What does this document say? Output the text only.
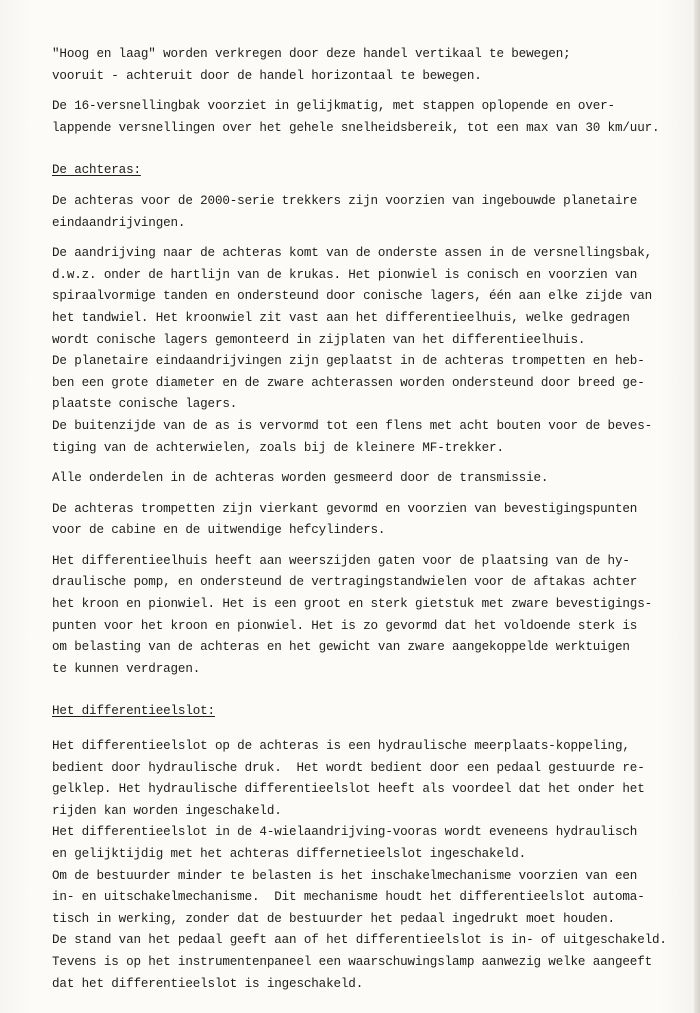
"Hoog en laag" worden verkregen door deze handel vertikaal te bewegen;
vooruit - achteruit door de handel horizontaal te bewegen.

De 16-versnellingbak voorziet in gelijkmatig, met stappen oplopende en over-
lappende versnellingen over het gehele snelheidsbereik, tot een max van 30 km/uur.

De achteras:

De achteras voor de 2000-serie trekkers zijn voorzien van ingebouwde planetaire
eindaandrijvingen.

De aandrijving naar de achteras komt van de onderste assen in de versnellingsbak,
d.w.z. onder de hartlijn van de krukas. Het pionwiel is conisch en voorzien van
spiraalvormige tanden en ondersteund door conische lagers, één aan elke zijde van
het tandwiel. Het kroonwiel zit vast aan het differentieelhuis, welke gedragen
wordt conische lagers gemonteerd in zijplaten van het differentieelhuis.
De planetaire eindaandrijvingen zijn geplaatst in de achteras trompetten en heb-
ben een grote diameter en de zware achterassen worden ondersteund door breed ge-
plaatste conische lagers.
De buitenzijde van de as is vervormd tot een flens met acht bouten voor de beves-
tiging van de achterwielen, zoals bij de kleinere MF-trekker.

Alle onderdelen in de achteras worden gesmeerd door de transmissie.

De achteras trompetten zijn vierkant gevormd en voorzien van bevestigingspunten
voor de cabine en de uitwendige hefcylinders.

Het differentieelhuis heeft aan weerszijden gaten voor de plaatsing van de hy-
draulische pomp, en ondersteund de vertragingstandwielen voor de aftakas achter
het kroon en pionwiel. Het is een groot en sterk gietstuk met zware bevestigings-
punten voor het kroon en pionwiel. Het is zo gevormd dat het voldoende sterk is
om belasting van de achteras en het gewicht van zware aangekoppelde werktuigen
te kunnen verdragen.

Het differentieelslot:

Het differentieelslot op de achteras is een hydraulische meerplaats-koppeling,
bedient door hydraulische druk.  Het wordt bedient door een pedaal gestuurde re-
gelklep. Het hydraulische differentieelslot heeft als voordeel dat het onder het
rijden kan worden ingeschakeld.
Het differentieelslot in de 4-wielaandrijving-vooras wordt eveneens hydraulisch
en gelijktijdig met het achteras differnetieelslot ingeschakeld.
Om de bestuurder minder te belasten is het inschakelmechanisme voorzien van een
in- en uitschakelmechanisme.  Dit mechanisme houdt het differentieelslot automa-
tisch in werking, zonder dat de bestuurder het pedaal ingedrukt moet houden.
De stand van het pedaal geeft aan of het differentieelslot is in- of uitgeschakeld.
Tevens is op het instrumentenpaneel een waarschuwingslamp aanwezig welke aangeeft
dat het differentieelslot is ingeschakeld.
